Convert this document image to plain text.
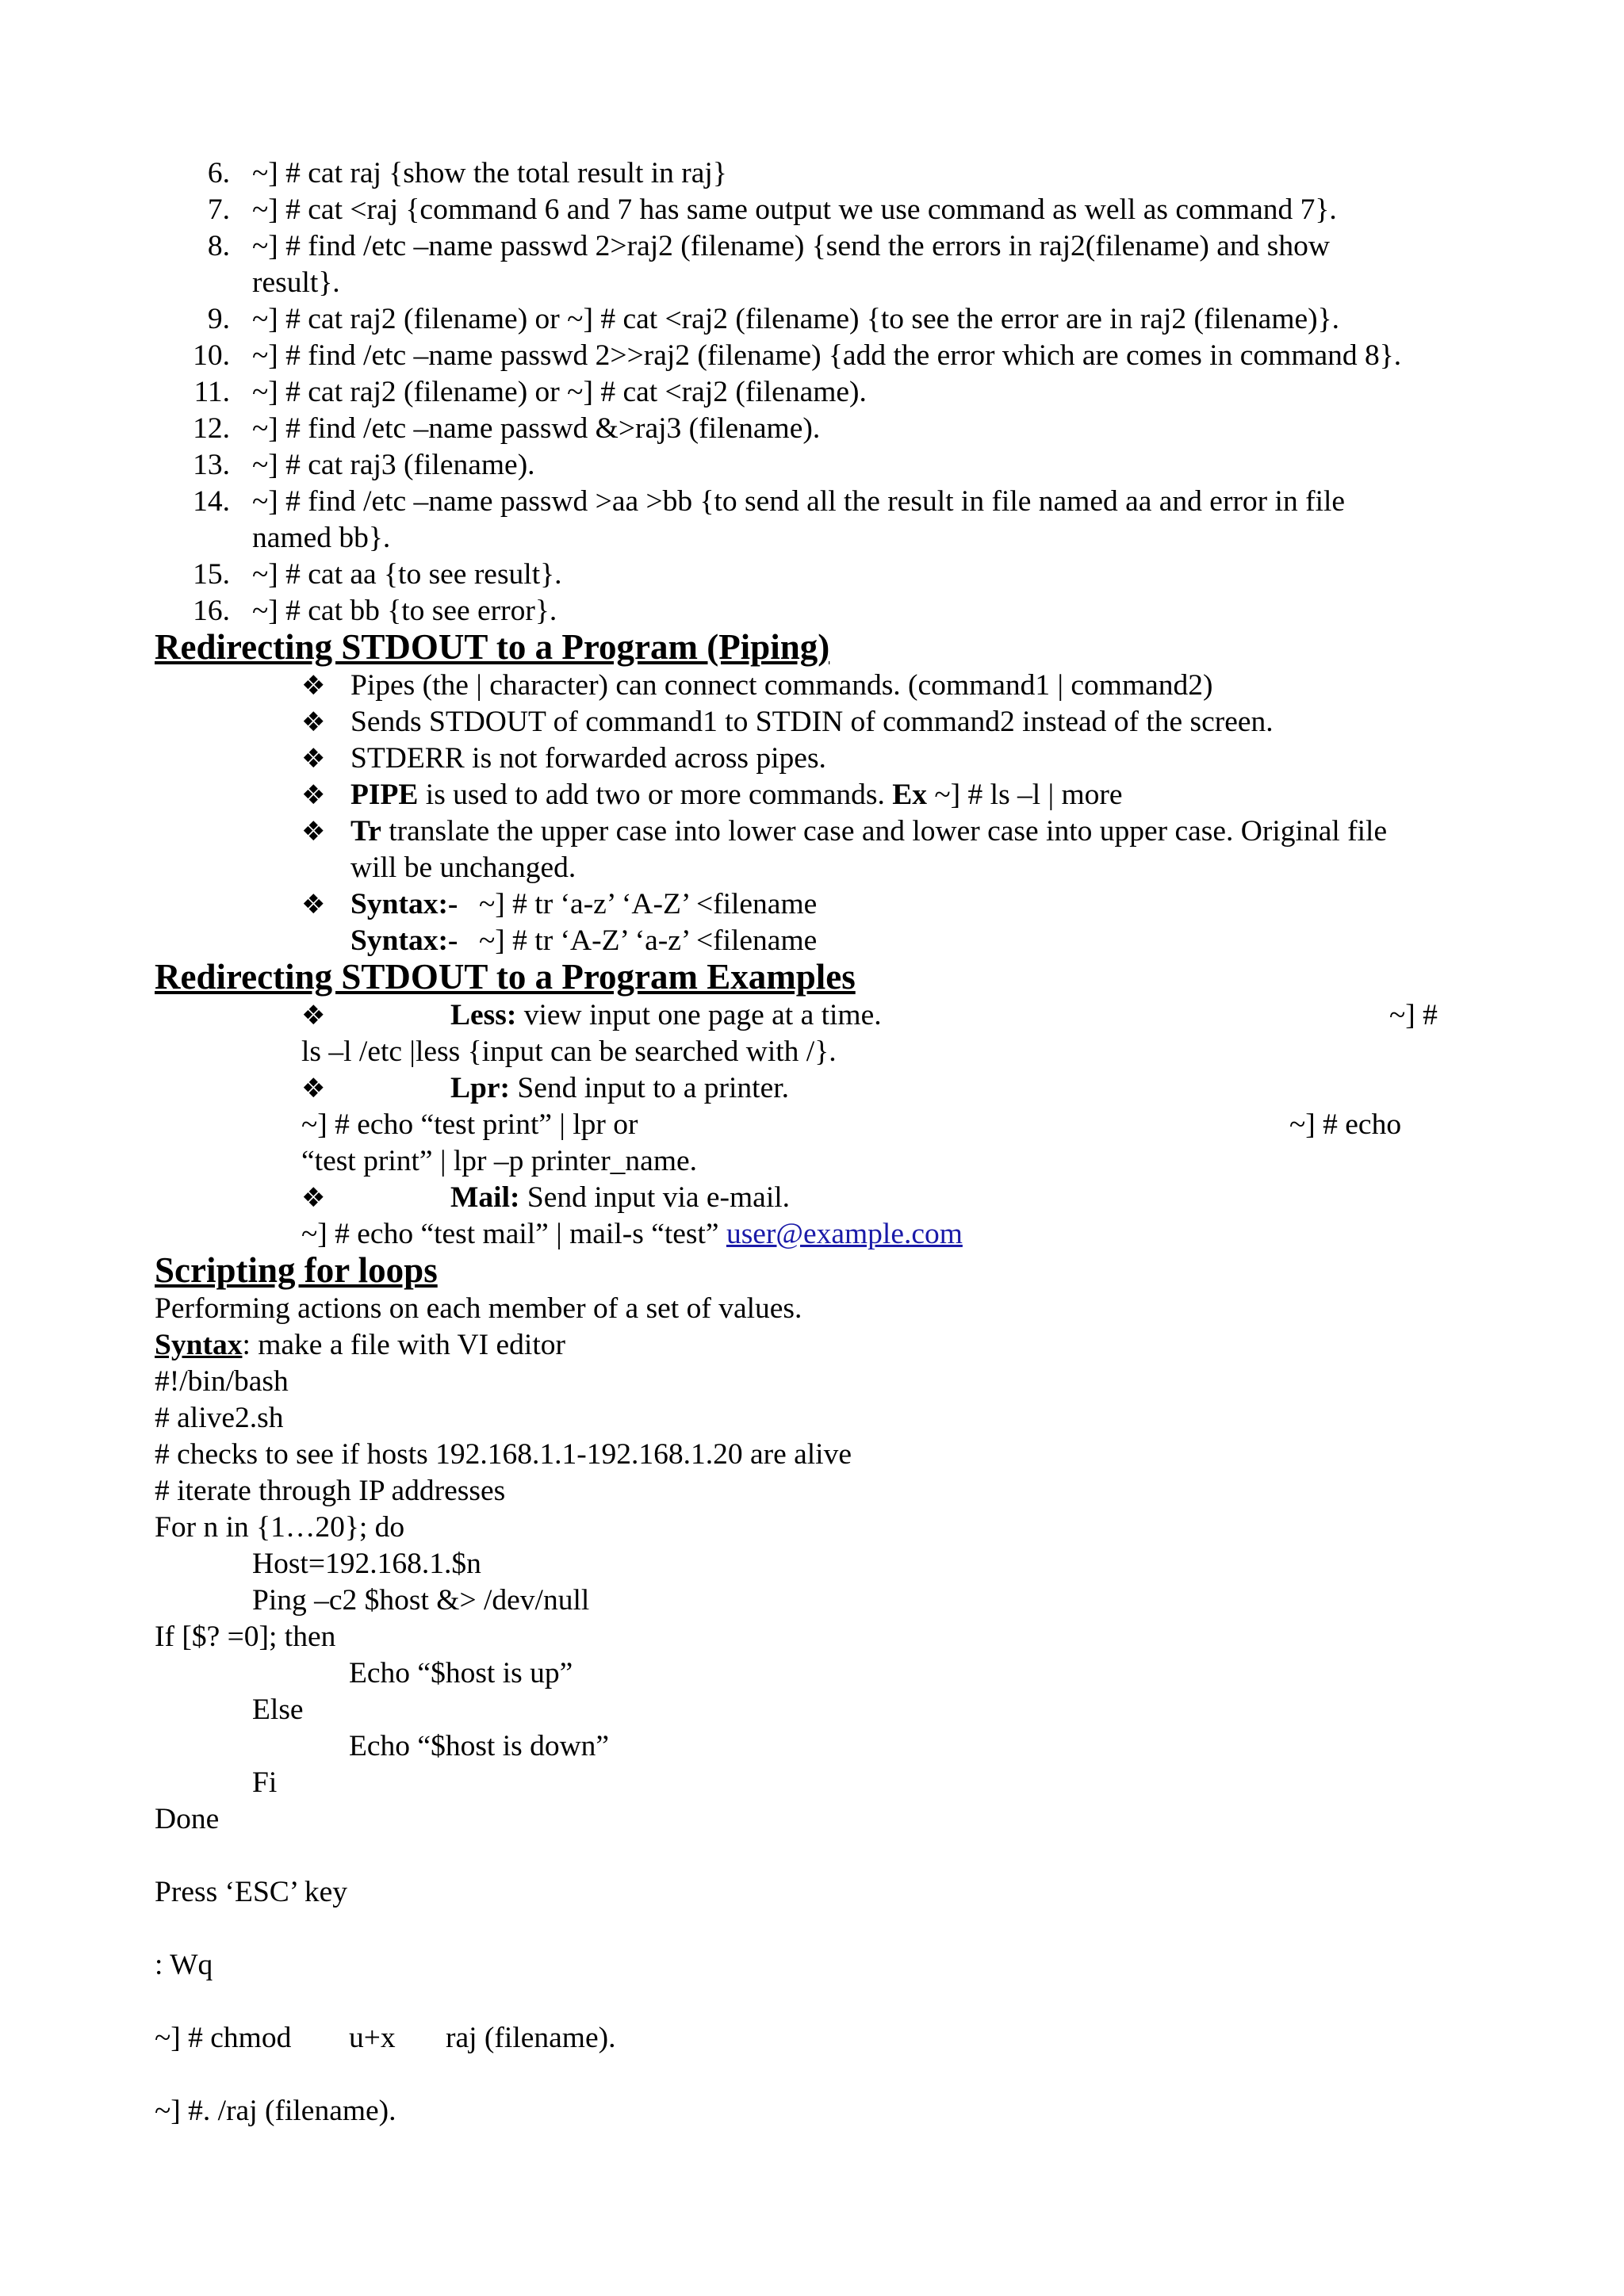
6. ~] # cat raj {show the total result in raj}
7. ~] # cat <raj {command 6 and 7 has same output we use command as well as command 7}.
8. ~] # find /etc –name passwd 2>raj2 (filename) {send the errors in raj2(filename) and show
result}.
9. ~] # cat raj2 (filename) or ~] # cat <raj2 (filename) {to see the error are in raj2 (filename)}.
10. ~] # find /etc –name passwd 2>>raj2 (filename) {add the error which are comes in command 8}.
11. ~] # cat raj2 (filename) or ~] # cat <raj2 (filename).
12. ~] # find /etc –name passwd &>raj3 (filename).
13. ~] # cat raj3 (filename).
14. ~] # find /etc –name passwd >aa >bb {to send all the result in file named aa and error in file
named bb}.
15. ~] # cat aa {to see result}.
16. ~] # cat bb {to see error}.
Redirecting STDOUT to a Program (Piping)
❖ Pipes (the | character) can connect commands. (command1 | command2)
❖ Sends STDOUT of command1 to STDIN of command2 instead of the screen.
❖ STDERR is not forwarded across pipes.
❖ PIPE is used to add two or more commands. Ex ~] # ls –l | more
❖ Tr translate the upper case into lower case and lower case into upper case. Original file
will be unchanged.
❖ Syntax:- ~] # tr ‘a-z’ ‘A-Z’ <filename
Syntax:- ~] # tr ‘A-Z’ ‘a-z’ <filename
Redirecting STDOUT to a Program Examples
❖	Less: view input one page at a time.	~] #
ls –l /etc |less {input can be searched with /}.
❖	Lpr: Send input to a printer.
~] # echo “test print” | lpr or	~] # echo
“test print” | lpr –p printer_name.
❖	Mail: Send input via e-mail.
~] # echo “test mail” | mail-s “test” user@example.com
Scripting for loops
Performing actions on each member of a set of values.
Syntax: make a file with VI editor
#!/bin/bash
# alive2.sh
# checks to see if hosts 192.168.1.1-192.168.1.20 are alive
# iterate through IP addresses
For n in {1…20}; do
Host=192.168.1.$n
Ping –c2 $host &> /dev/null
If [$? =0]; then
Echo “$host is up”
Else
Echo “$host is down”
Fi
Done
Press ‘ESC’ key
: Wq
~] # chmod u+x raj (filename).
~] #. /raj (filename).
